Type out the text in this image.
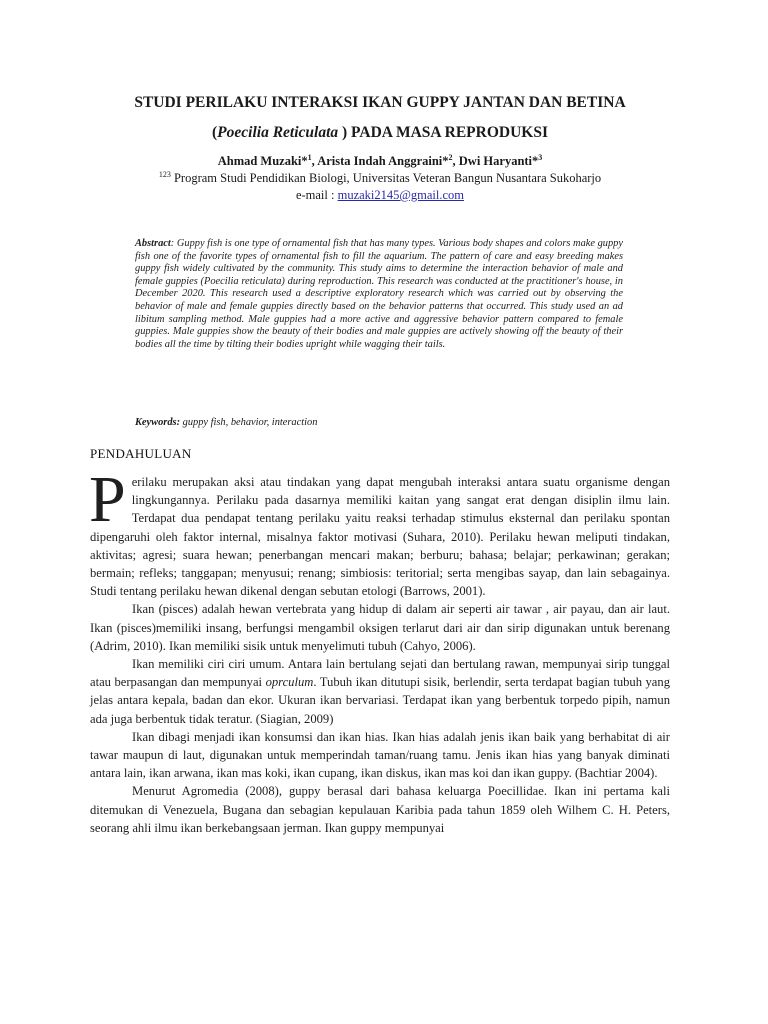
STUDI PERILAKU INTERAKSI IKAN GUPPY JANTAN DAN BETINA
(Poecilia Reticulata ) PADA MASA REPRODUKSI
Ahmad Muzaki*$^1$, Arista Indah Anggraini*$^2$, Dwi Haryanti*$^3$
$^{123}$ Program Studi Pendidikan Biologi, Universitas Veteran Bangun Nusantara Sukoharjo
e-mail : muzaki2145@gmail.com
Abstract: Guppy fish is one type of ornamental fish that has many types. Various body shapes and colors make guppy fish one of the favorite types of ornamental fish to fill the aquarium. The pattern of care and easy breeding makes guppy fish widely cultivated by the community. This study aims to determine the interaction behavior of male and female guppies (Poecilia reticulata) during reproduction. This research was conducted at the practitioner's house, in December 2020. This research used a descriptive exploratory research which was carried out by observing the behavior of male and female guppies directly based on the behavior patterns that occurred. This study used an ad libitum sampling method. Male guppies had a more active and aggressive behavior pattern compared to female guppies. Male guppies show the beauty of their bodies and male guppies are actively showing off the beauty of their bodies all the time by tilting their bodies upright while wagging their tails.
Keywords: guppy fish, behavior, interaction
PENDAHULUAN

Perilaku merupakan aksi atau tindakan yang dapat mengubah interaksi antara suatu organisme dengan lingkungannya. Perilaku pada dasarnya memiliki kaitan yang sangat erat dengan disiplin ilmu lain. Terdapat dua pendapat tentang perilaku yaitu reaksi terhadap stimulus eksternal dan perilaku spontan dipengaruhi oleh faktor internal, misalnya faktor motivasi (Suhara, 2010). Perilaku hewan meliputi tindakan, aktivitas; agresi; suara hewan; penerbangan mencari makan; berburu; bahasa; belajar; perkawinan; gerakan; bermain; refleks; tanggapan; menyusui; renang; simbiosis: teritorial; serta mengibas sayap, dan lain sebagainya. Studi tentang perilaku hewan dikenal dengan sebutan etologi (Barrows, 2001).

Ikan (pisces) adalah hewan vertebrata yang hidup di dalam air seperti air tawar , air payau, dan air laut. Ikan (pisces)memiliki insang, berfungsi mengambil oksigen terlarut dari air dan sirip digunakan untuk berenang (Adrim, 2010). Ikan memiliki sisik untuk menyelimuti tubuh (Cahyo, 2006).

Ikan memiliki ciri ciri umum. Antara lain bertulang sejati dan bertulang rawan, mempunyai sirip tunggal atau berpasangan dan mempunyai oprculum. Tubuh ikan ditutupi sisik, berlendir, serta terdapat bagian tubuh yang jelas antara kepala, badan dan ekor. Ukuran ikan bervariasi. Terdapat ikan yang berbentuk torpedo pipih, namun ada juga berbentuk tidak teratur. (Siagian, 2009)

Ikan dibagi menjadi ikan konsumsi dan ikan hias. Ikan hias adalah jenis ikan baik yang berhabitat di air tawar maupun di laut, digunakan untuk memperindah taman/ruang tamu. Jenis ikan hias yang banyak diminati antara lain, ikan arwana, ikan mas koki, ikan cupang, ikan diskus, ikan mas koi dan ikan guppy. (Bachtiar 2004).

Menurut Agromedia (2008), guppy berasal dari bahasa keluarga Poecillidae. Ikan ini pertama kali ditemukan di Venezuela, Bugana dan sebagian kepulauan Karibia pada tahun 1859 oleh Wilhem C. H. Peters, seorang ahli ilmu ikan berkebangsaan jerman. Ikan guppy mempunyai
